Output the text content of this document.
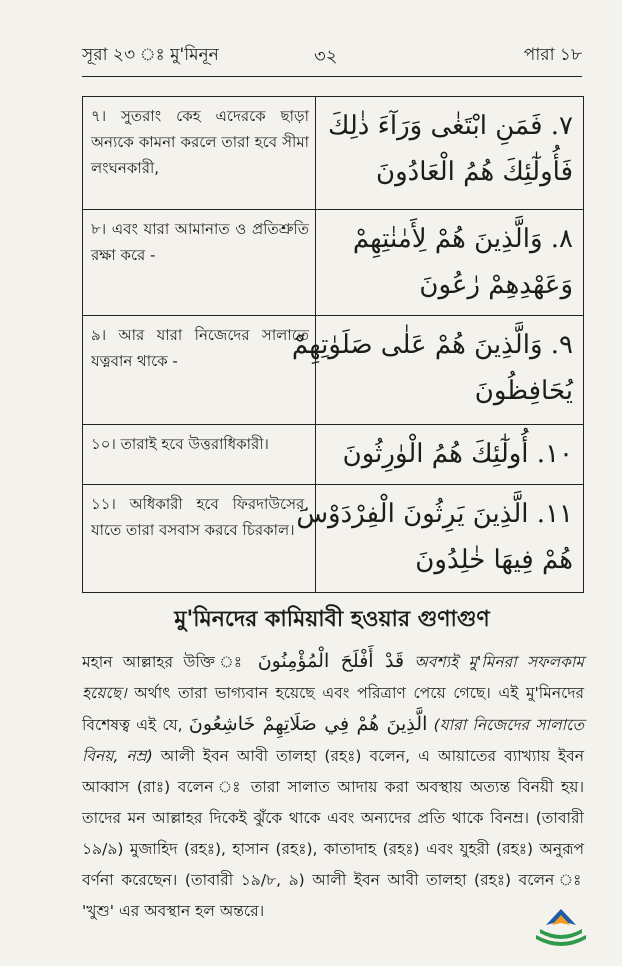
সূরা ২৩ ঃ মু'মিনূন	৩২	পারা ১৮
৭। সুতরাং কেহ এদেরকে ছাড়া অন্যকে কামনা করলে তারা হবে সীমা লংঘনকারী,	۷. فَمَنِ ابْتَغٰى وَرَآءَ ذٰلِكَ
فَأُولٰٓئِكَ هُمُ الْعَادُونَ

৮। এবং যারা আমানাত ও প্রতিশ্রুতি রক্ষা করে -	۸. وَالَّذِينَ هُمْ لِأَمٰنٰتِهِمْ
وَعَهْدِهِمْ رٰعُونَ

৯। আর যারা নিজেদের সালাতে যত্নবান থাকে -	۹. وَالَّذِينَ هُمْ عَلٰى صَلَوٰتِهِمْ
يُحَافِظُونَ

১০। তারাই হবে উত্তরাধিকারী।	۱۰. أُولٰٓئِكَ هُمُ الْوٰرِثُونَ

১১। অধিকারী হবে ফিরদাউসের, যাতে তারা বসবাস করবে চিরকাল।	۱۱. الَّذِينَ يَرِثُونَ الْفِرْدَوْسَ
هُمْ فِيهَا خٰلِدُونَ
মু'মিনদের কামিয়াবী হওয়ার গুণাগুণ
মহান আল্লাহর উক্তি ঃ قَدْ أَفْلَحَ الْمُؤْمِنُونَ অবশ্যই মু'মিনরা সফলকাম হয়েছে। অর্থাৎ তারা ভাগ্যবান হয়েছে এবং পরিত্রাণ পেয়ে গেছে। এই মু'মিনদের বিশেষত্ব এই যে, الَّذِينَ هُمْ فِي صَلَاتِهِمْ خَاشِعُونَ (যারা নিজেদের সালাতে বিনয়, নম্র) আলী ইবন আবী তালহা (রহঃ) বলেন, এ আয়াতের ব্যাখ্যায় ইবন আব্বাস (রাঃ) বলেন ঃ তারা সালাত আদায় করা অবস্থায় অত্যন্ত বিনয়ী হয়। তাদের মন আল্লাহর দিকেই ঝুঁকে থাকে এবং অন্যদের প্রতি থাকে বিনম্র। (তাবারী ১৯/৯) মুজাহিদ (রহঃ), হাসান (রহঃ), কাতাদাহ (রহঃ) এবং যুহরী (রহঃ) অনুরূপ বর্ণনা করেছেন। (তাবারী ১৯/৮, ৯) আলী ইবন আবী তালহা (রহঃ) বলেন ঃ 'খুশু' এর অবস্থান হল অন্তরে।
